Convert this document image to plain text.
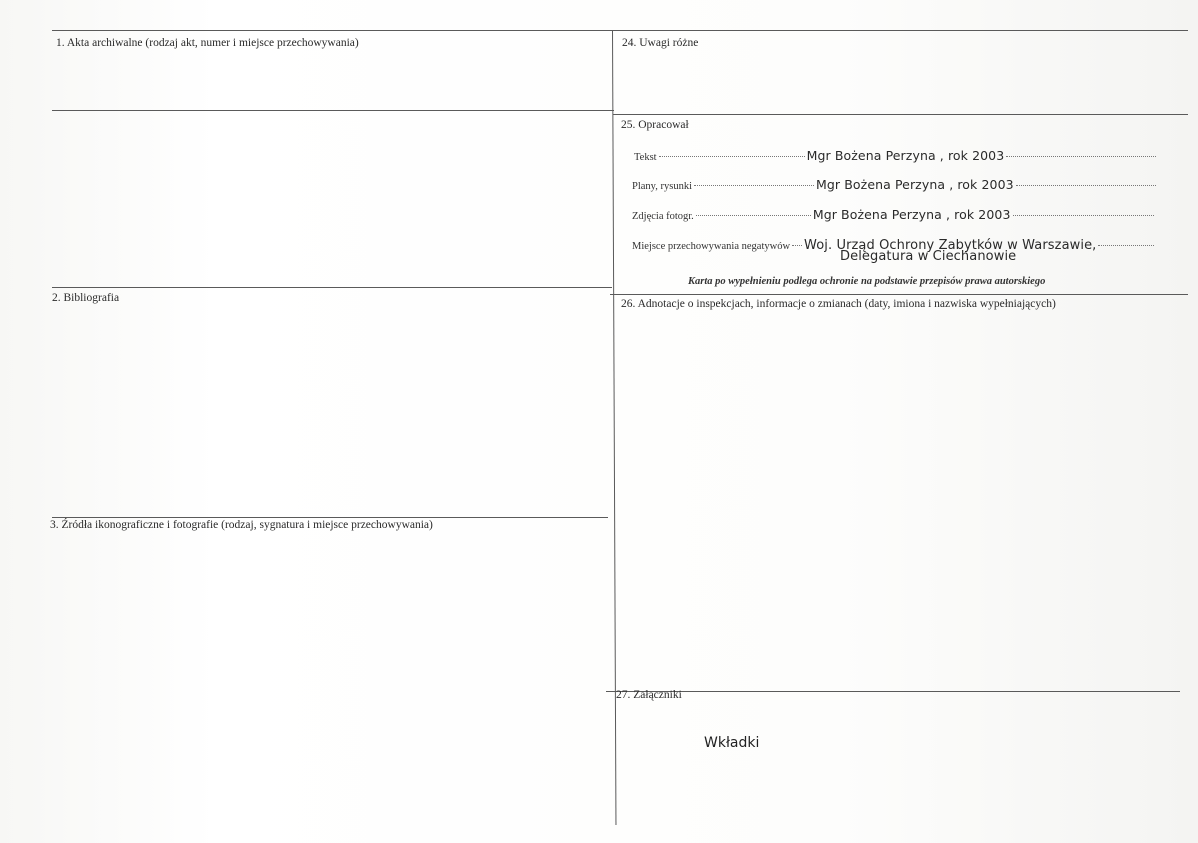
1. Akta archiwalne (rodzaj akt, numer i miejsce przechowywania)
2. Bibliografia
3. Źródła ikonograficzne i fotografie (rodzaj, sygnatura i miejsce przechowywania)
24. Uwagi różne
25. Opracował
Tekst	Mgr Bożena Perzyna , rok 2003
Plany, rysunki	Mgr Bożena Perzyna , rok 2003
Zdjęcia fotogr.	Mgr Bożena Perzyna , rok 2003
Miejsce przechowywania negatywów Woj. Urząd Ochrony Zabytków w Warszawie,
Delegatura w Ciechanowie
Karta po wypełnieniu podlega ochronie na podstawie przepisów prawa autorskiego
26. Adnotacje o inspekcjach, informacje o zmianach (daty, imiona i nazwiska wypełniających)
27. Załączniki
Wkładki
